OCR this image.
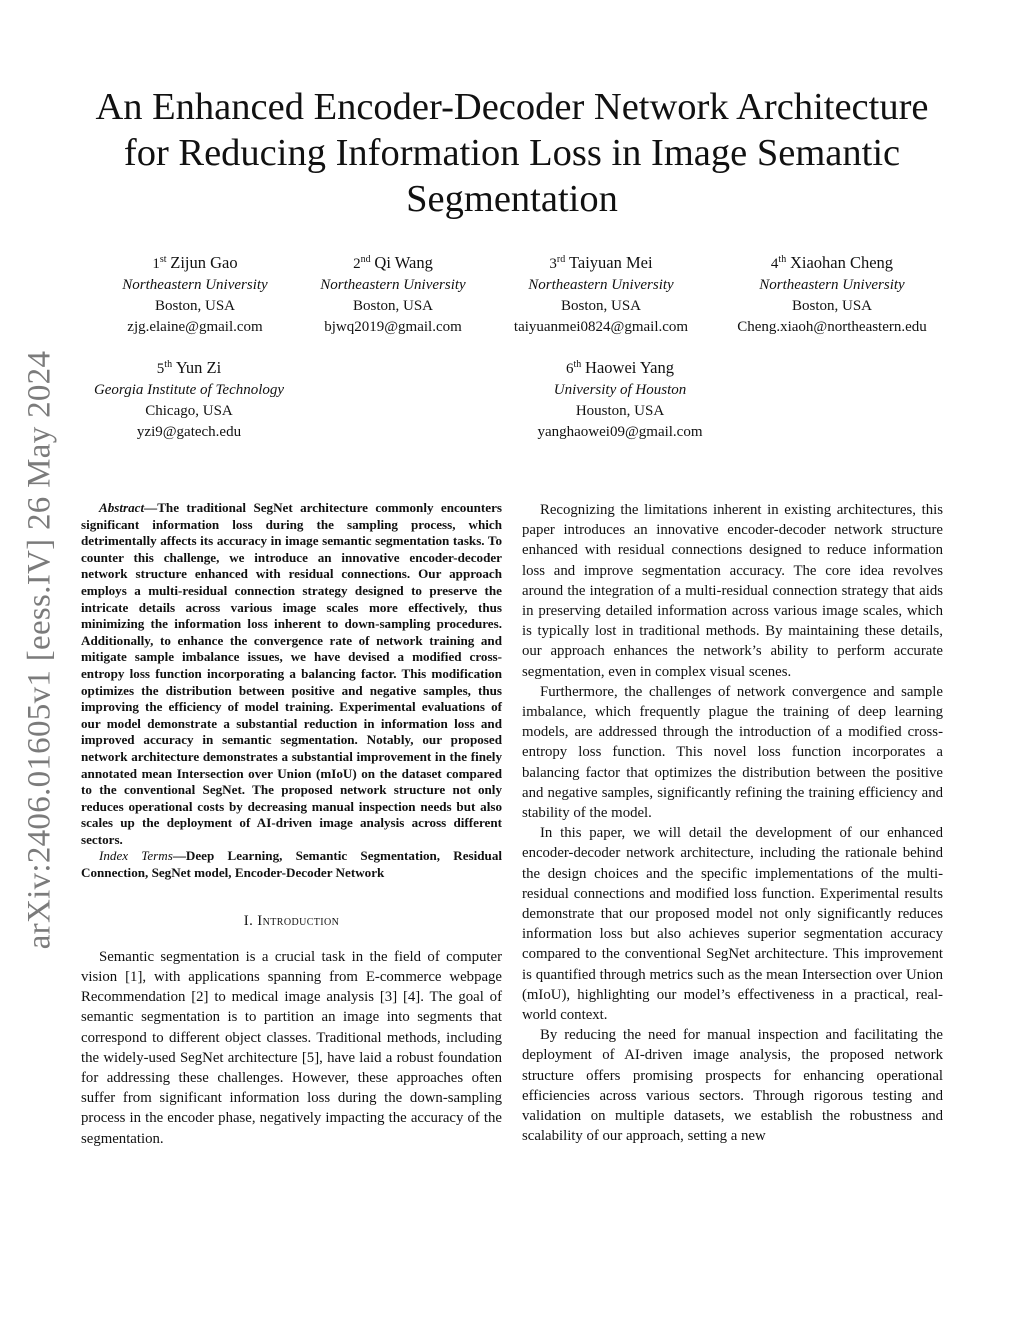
arXiv:2406.01605v1 [eess.IV] 26 May 2024
An Enhanced Encoder-Decoder Network Architecture for Reducing Information Loss in Image Semantic Segmentation
1st Zijun Gao
Northeastern University
Boston, USA
zjg.elaine@gmail.com
2nd Qi Wang
Northeastern University
Boston, USA
bjwq2019@gmail.com
3rd Taiyuan Mei
Northeastern University
Boston, USA
taiyuanmei0824@gmail.com
4th Xiaohan Cheng
Northeastern University
Boston, USA
Cheng.xiaoh@northeastern.edu
5th Yun Zi
Georgia Institute of Technology
Chicago, USA
yzi9@gatech.edu
6th Haowei Yang
University of Houston
Houston, USA
yanghaowei09@gmail.com

Abstract—The traditional SegNet architecture commonly encounters significant information loss during the sampling process, which detrimentally affects its accuracy in image semantic segmentation tasks. To counter this challenge, we introduce an innovative encoder-decoder network structure enhanced with residual connections. Our approach employs a multi-residual connection strategy designed to preserve the intricate details across various image scales more effectively, thus minimizing the information loss inherent to down-sampling procedures. Additionally, to enhance the convergence rate of network training and mitigate sample imbalance issues, we have devised a modified cross-entropy loss function incorporating a balancing factor. This modification optimizes the distribution between positive and negative samples, thus improving the efficiency of model training. Experimental evaluations of our model demonstrate a substantial reduction in information loss and improved accuracy in semantic segmentation. Notably, our proposed network architecture demonstrates a substantial improvement in the finely annotated mean Intersection over Union (mIoU) on the dataset compared to the conventional SegNet. The proposed network structure not only reduces operational costs by decreasing manual inspection needs but also scales up the deployment of AI-driven image analysis across different sectors.

Index Terms—Deep Learning, Semantic Segmentation, Residual Connection, SegNet model, Encoder-Decoder Network

I. Introduction

Semantic segmentation is a crucial task in the field of computer vision [1], with applications spanning from E-commerce webpage Recommendation [2] to medical image analysis [3] [4]. The goal of semantic segmentation is to partition an image into segments that correspond to different object classes. Traditional methods, including the widely-used SegNet architecture [5], have laid a robust foundation for addressing these challenges. However, these approaches often suffer from significant information loss during the down-sampling process in the encoder phase, negatively impacting the accuracy of the segmentation.

Recognizing the limitations inherent in existing architectures, this paper introduces an innovative encoder-decoder network structure enhanced with residual connections designed to reduce information loss and improve segmentation accuracy. The core idea revolves around the integration of a multi-residual connection strategy that aids in preserving detailed information across various image scales, which is typically lost in traditional methods. By maintaining these details, our approach enhances the network’s ability to perform accurate segmentation, even in complex visual scenes.

Furthermore, the challenges of network convergence and sample imbalance, which frequently plague the training of deep learning models, are addressed through the introduction of a modified cross-entropy loss function. This novel loss function incorporates a balancing factor that optimizes the distribution between the positive and negative samples, significantly refining the training efficiency and stability of the model.

In this paper, we will detail the development of our enhanced encoder-decoder network architecture, including the rationale behind the design choices and the specific implementations of the multi-residual connections and modified loss function. Experimental results demonstrate that our proposed model not only significantly reduces information loss but also achieves superior segmentation accuracy compared to the conventional SegNet architecture. This improvement is quantified through metrics such as the mean Intersection over Union (mIoU), highlighting our model’s effectiveness in a practical, real-world context.

By reducing the need for manual inspection and facilitating the deployment of AI-driven image analysis, the proposed network structure offers promising prospects for enhancing operational efficiencies across various sectors. Through rigorous testing and validation on multiple datasets, we establish the robustness and scalability of our approach, setting a new
